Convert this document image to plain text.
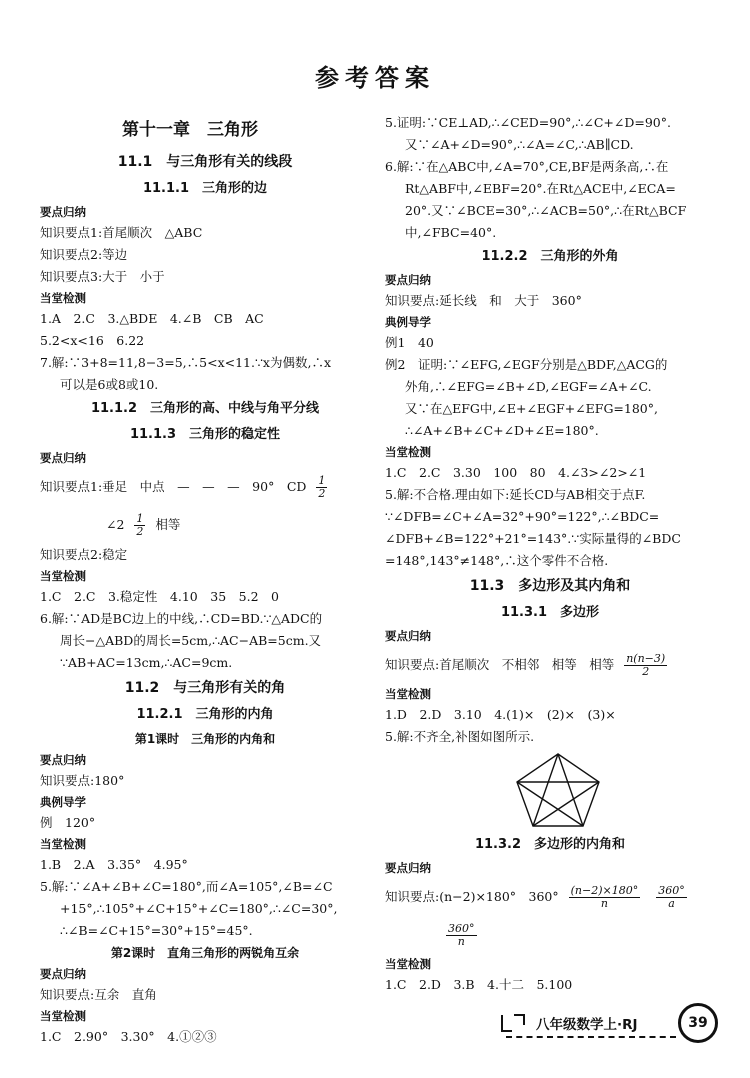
参考答案
第十一章　三角形
11.1　与三角形有关的线段
11.1.1　三角形的边
要点归纳
知识要点1:首尾顺次　△ABC
知识要点2:等边
知识要点3:大于　小于
当堂检测
1.A　2.C　3.△BDE　4.∠B　CB　AC
5.2<x<16　6.22
7.解:∵3+8=11,8−3=5,∴5<x<11.∵x为偶数,∴x
可以是6或8或10.
11.1.2　三角形的高、中线与角平分线
11.1.3　三角形的稳定性
要点归纳
知识要点1:垂足　中点　—　—　—　90°　CD $\frac{1}{2}$
∠2 $\frac{1}{2}$ 相等
知识要点2:稳定
当堂检测
1.C　2.C　3.稳定性　4.10　35　5.2　0
6.解:∵AD是BC边上的中线,∴CD=BD.∵△ADC的
周长−△ABD的周长=5cm,∴AC−AB=5cm.又
∵AB+AC=13cm,∴AC=9cm.
11.2　与三角形有关的角
11.2.1　三角形的内角
第1课时　三角形的内角和
要点归纳
知识要点:180°
典例导学
例　120°
当堂检测
1.B　2.A　3.35°　4.95°
5.解:∵∠A+∠B+∠C=180°,而∠A=105°,∠B=∠C
+15°,∴105°+∠C+15°+∠C=180°,∴∠C=30°,
∴∠B=∠C+15°=30°+15°=45°.
第2课时　直角三角形的两锐角互余
要点归纳
知识要点:互余　直角
当堂检测
1.C　2.90°　3.30°　4.①②③
5.证明:∵CE⊥AD,∴∠CED=90°,∴∠C+∠D=90°.
又∵∠A+∠D=90°,∴∠A=∠C,∴AB∥CD.
6.解:∵在△ABC中,∠A=70°,CE,BF是两条高,∴在
Rt△ABF中,∠EBF=20°.在Rt△ACE中,∠ECA=
20°.又∵∠BCE=30°,∴∠ACB=50°,∴在Rt△BCF
中,∠FBC=40°.
11.2.2　三角形的外角
要点归纳
知识要点:延长线　和　大于　360°
典例导学
例1　40
例2　证明:∵∠EFG,∠EGF分别是△BDF,△ACG的
外角,∴∠EFG=∠B+∠D,∠EGF=∠A+∠C.
又∵在△EFG中,∠E+∠EGF+∠EFG=180°,
∴∠A+∠B+∠C+∠D+∠E=180°.
当堂检测
1.C　2.C　3.30　100　80　4.∠3>∠2>∠1
5.解:不合格.理由如下:延长CD与AB相交于点F.
∵∠DFB=∠C+∠A=32°+90°=122°,∴∠BDC=
∠DFB+∠B=122°+21°=143°.∵实际量得的∠BDC
=148°,143°≠148°,∴这个零件不合格.
11.3　多边形及其内角和
11.3.1　多边形
要点归纳
知识要点:首尾顺次　不相邻　相等　相等 $\frac{n(n-3)}{2}$
当堂检测
1.D　2.D　3.10　4.(1)×　(2)×　(3)×
5.解:不齐全,补图如图所示.
11.3.2　多边形的内角和
要点归纳
知识要点:(n−2)×180°　$360^\circ \frac{(n-2)\times 180^\circ}{n}$
$\frac{360^\circ}{a}$
$\frac{360^\circ}{n}$
当堂检测
1.C　2.D　3.B　4.十二　5.100
八年级数学上·RJ	39
